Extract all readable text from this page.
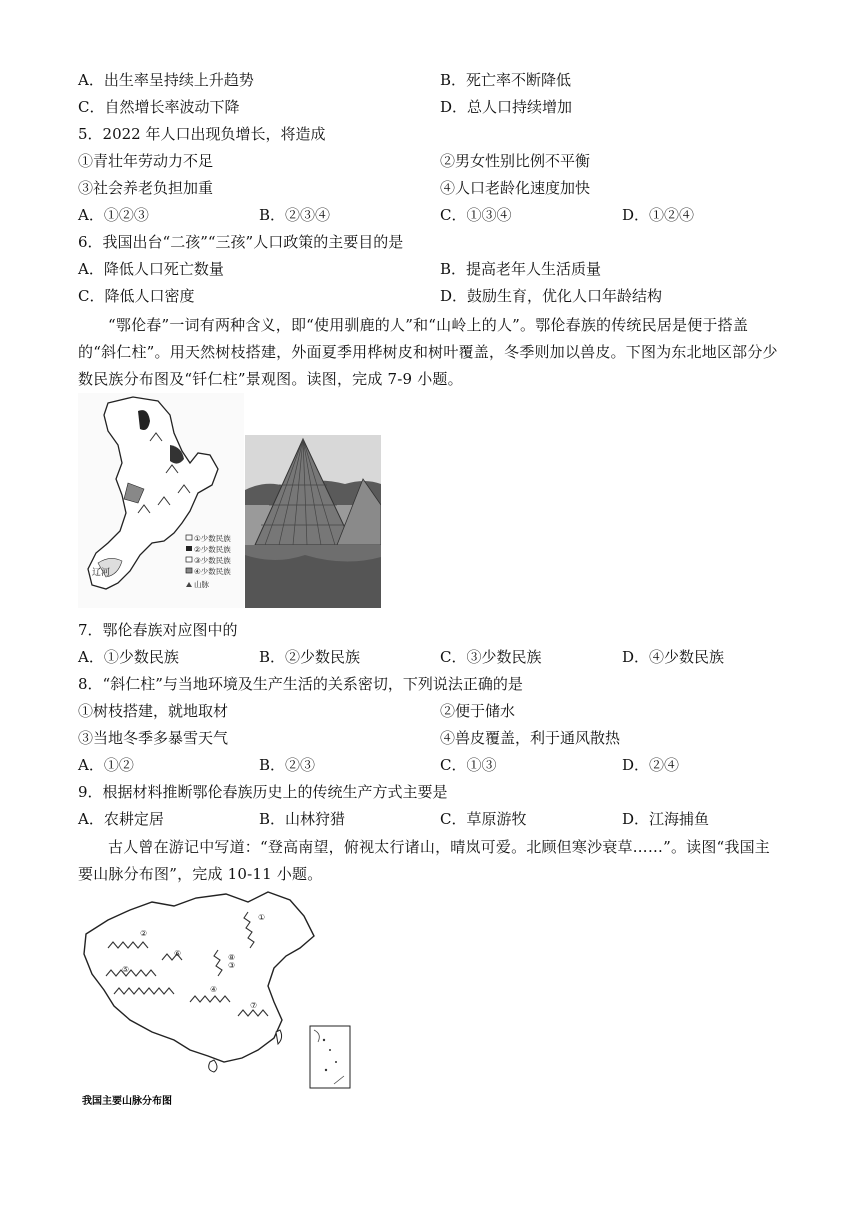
A．出生率呈持续上升趋势	B．死亡率不断降低
C．自然增长率波动下降	D．总人口持续增加
5．2022 年人口出现负增长，将造成
①青壮年劳动力不足	②男女性别比例不平衡
③社会养老负担加重	④人口老龄化速度加快
A．①②③	B．②③④	C．①③④	D．①②④
6．我国出台“二孩”“三孩”人口政策的主要目的是
A．降低人口死亡数量	B．提高老年人生活质量
C．降低人口密度	D．鼓励生育，优化人口年龄结构
“鄂伦春”一词有两种含义，即“使用驯鹿的人”和“山岭上的人”。鄂伦春族的传统民居是便于搭盖的“斜仁柱”。用天然树枝搭建，外面夏季用桦树皮和树叶覆盖，冬季则加以兽皮。下图为东北地区部分少数民族分布图及“钎仁柱”景观图。读图，完成 7-9 小题。
辽河
①少数民族
②少数民族
③少数民族
④少数民族
山脉
7．鄂伦春族对应图中的
A．①少数民族	B．②少数民族	C．③少数民族	D．④少数民族
8．“斜仁柱”与当地环境及生产生活的关系密切，下列说法正确的是
①树枝搭建，就地取材	②便于储水
③当地冬季多暴雪天气	④兽皮覆盖，利于通风散热
A．①②	B．②③	C．①③	D．②④
9．根据材料推断鄂伦春族历史上的传统生产方式主要是
A．农耕定居	B．山林狩猎	C．草原游牧	D．江海捕鱼
古人曾在游记中写道：“登高南望，俯视太行诸山，晴岚可爱。北顾但寒沙衰草……”。读图“我国主要山脉分布图”，完成 10-11 小题。
①
②
③
④
⑤
⑥
⑦
⑧
我国主要山脉分布图
